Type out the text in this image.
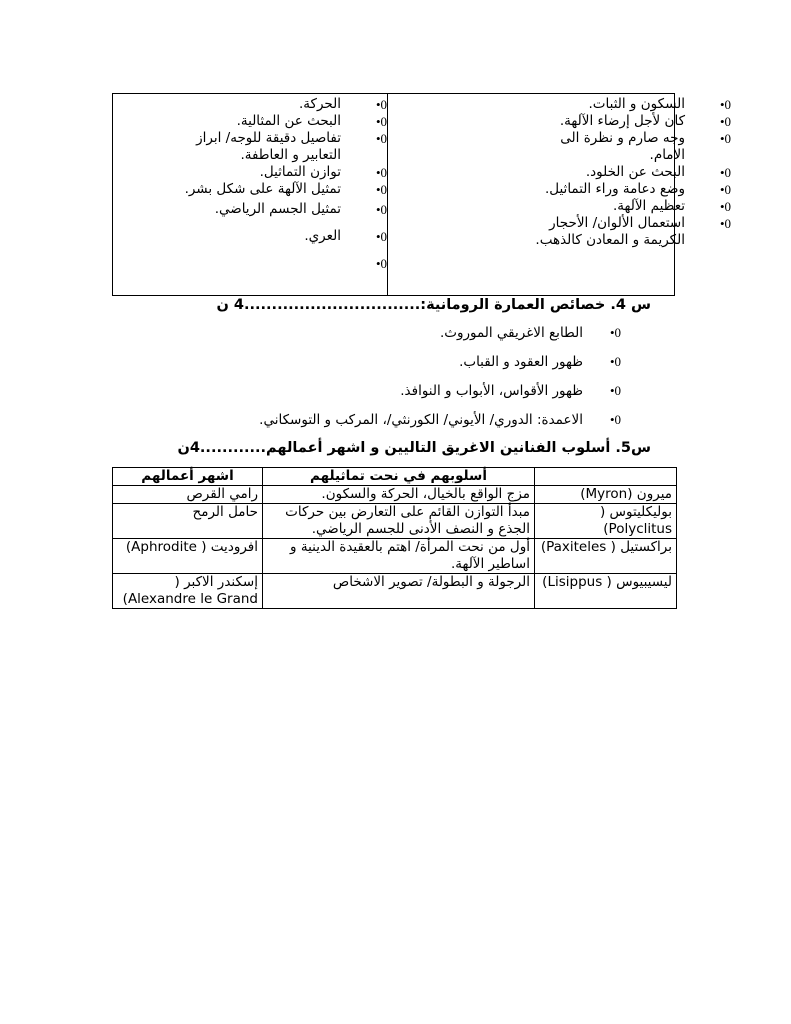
0•
السكون و الثبات.
0•
كان لأجل إرضاء الآلهة.
0•
وجه صارم و نظرة الى الامام.
0•
البحث عن الخلود.
0•
وضع دعامة وراء التماثيل.
0•
تعظيم الآلهة.
0•
استعمال الألوان/ الأحجار الكريمة و المعادن كالذهب.
0•
الحركة.
0•
البحث عن المثالية.
0•
تفاصيل دقيقة للوجه/ ابراز التعابير و العاطفة.
0•
توازن التماثيل.
0•
تمثيل الآلهة على شكل بشر.
0•
تمثيل الجسم الرياضي.
0•
العري.
0•
س 4. خصائص العمارة الرومانية:................................4 ن
0•
الطابع الاغريقي الموروث.
0•
ظهور العقود و القباب.
0•
ظهور الأقواس، الأبواب و النوافذ.
0•
الاعمدة: الدوري/ الأيوني/ الكورنثي/، المركب و التوسكاني.
س5. أسلوب الفنانين الاغريق التاليين و اشهر أعمالهم............4ن
اشهر أعمالهم	أسلوبهم في نحت تماثيلهم	
رامي القرص	مزج الواقع بالخيال، الحركة والسكون.	ميرون (Myron)
حامل الرمح	مبدأ التوازن القائم على التعارض بين حركات الجذع و النصف الأدنى للجسم الرياضي.	بوليكليتوس ( Polyclitus)
افروديت ( Aphrodite)	أول من نحت المرأة/ اهتم بالعقيدة الدينية و اساطير الآلهة.	براكستيل ( Paxiteles)
إسكندر الاكبر ( Alexandre le Grand)	الرجولة و البطولة/ تصوير الاشخاص	ليسيبيوس ( Lisippus)
